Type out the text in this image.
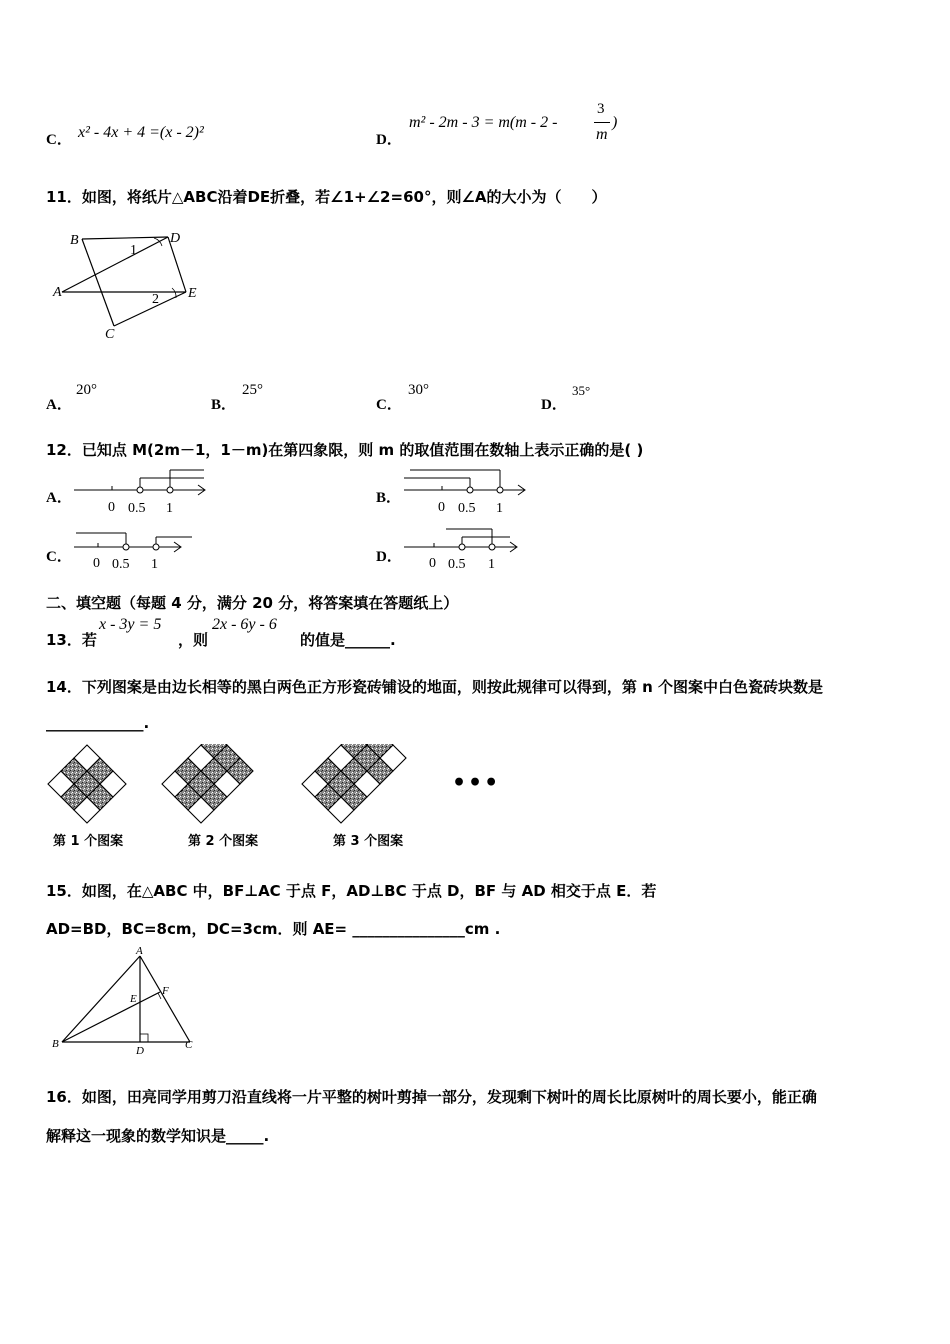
C． x² - 4x + 4 =(x - 2)²	D．
m² - 2m - 3 = m(m - 2 -
3
m
)
11．如图，将纸片△ABC沿着DE折叠，若∠1+∠2=60°，则∠A的大小为（　　）
B	D
1
A	2 E
C
A．
20°
B．
25°
C．
30°
D．
35°
12．已知点 M(2m－1，1－m)在第四象限，则 m 的取值范围在数轴上表示正确的是( )
A．
0 0.5 1
B．
0 0.5 1
C． 0 0.5 1	D． 0 0.5 1
二、填空题（每题 4 分，满分 20 分，将答案填在答题纸上）
13．若
x - 3y = 5
，则
2x - 6y - 6
的值是______.
14．下列图案是由边长相等的黑白两色正方形瓷砖铺设的地面，则按此规律可以得到，第 n 个图案中白色瓷砖块数是
_____________.
第 1 个图案	第 2 个图案	第 3 个图案
•••
15．如图，在△ABC 中，BF⊥AC 于点 F，AD⊥BC 于点 D，BF 与 AD 相交于点 E．若
AD=BD，BC=8cm，DC=3cm．则 AE= _______________cm .
A
F
E
B
D	C
16．如图，田亮同学用剪刀沿直线将一片平整的树叶剪掉一部分，发现剩下树叶的周长比原树叶的周长要小，能正确
解释这一现象的数学知识是_____.
